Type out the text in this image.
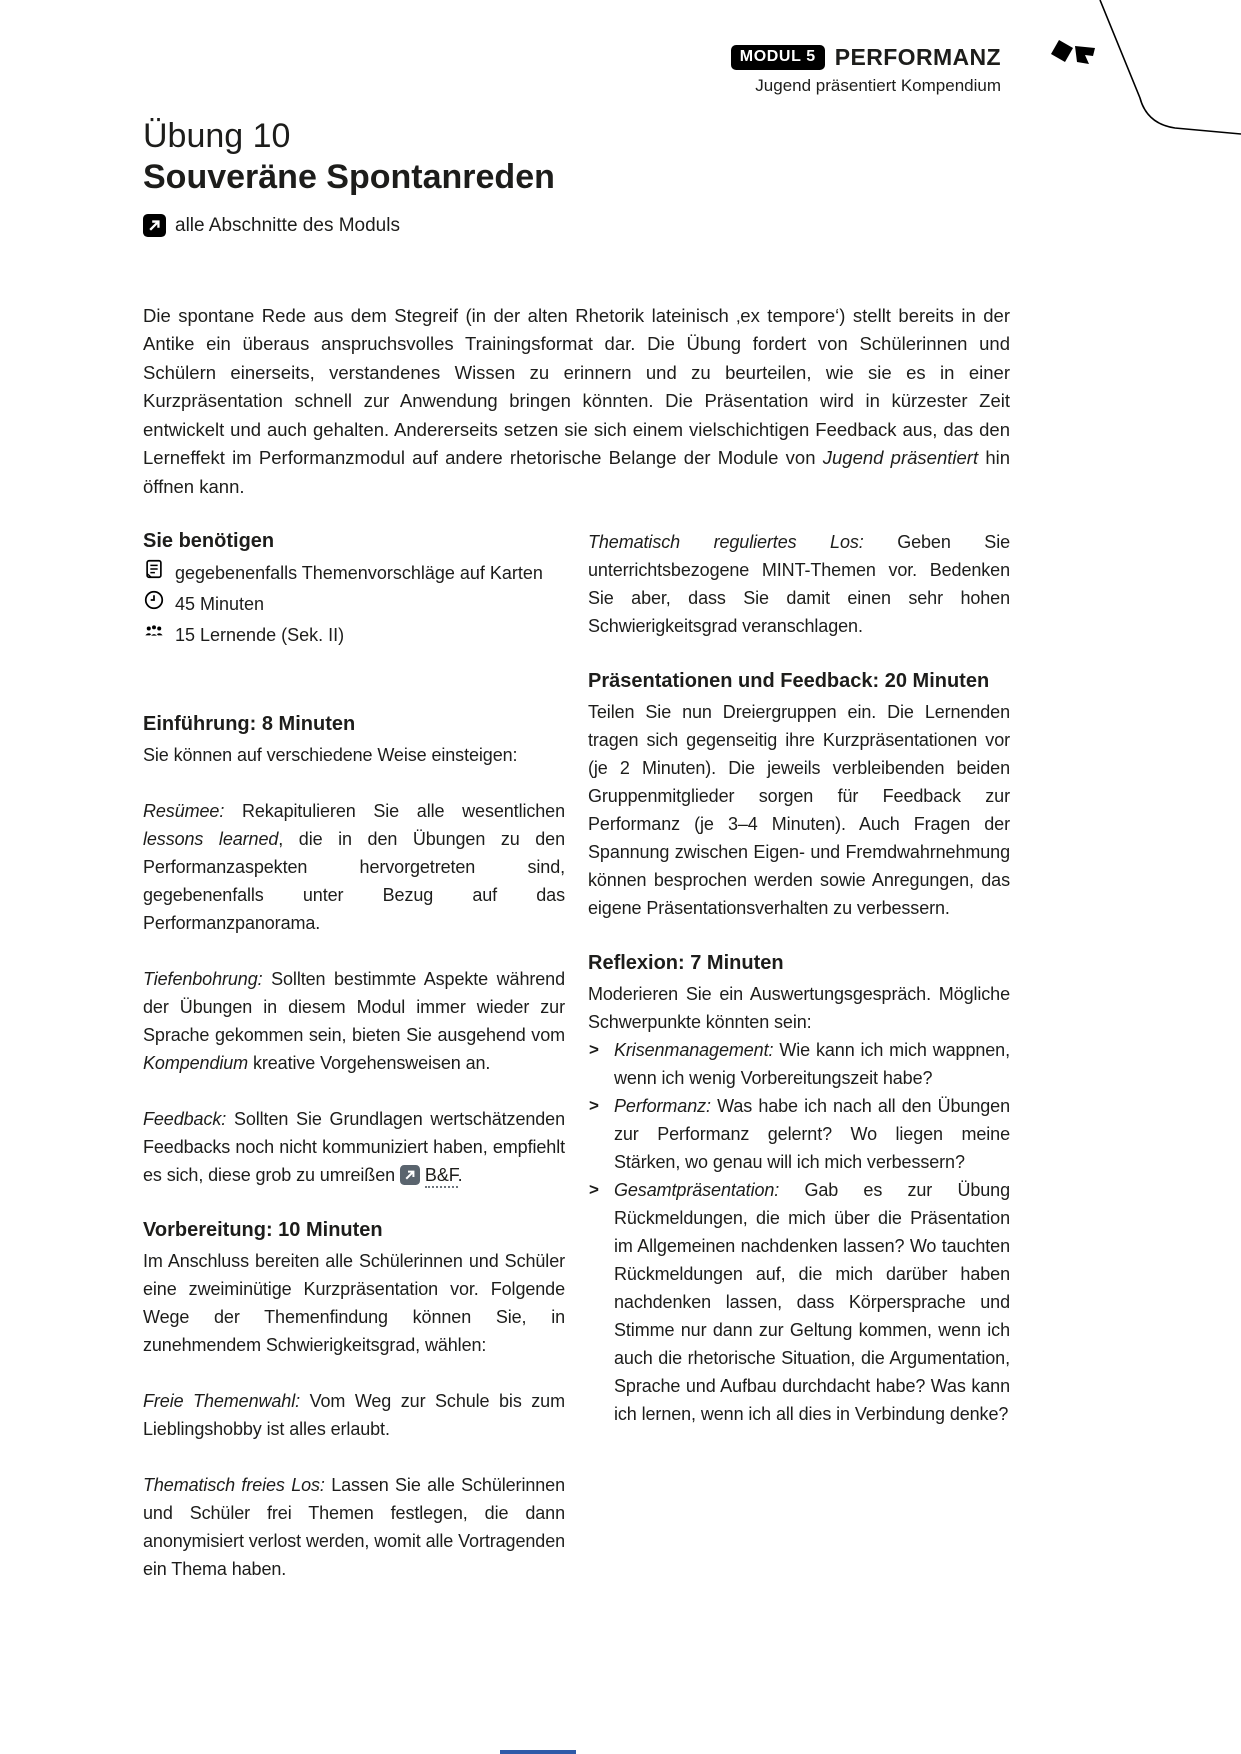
MODUL 5 PERFORMANZ
Jugend präsentiert Kompendium
Übung 10
Souveräne Spontanreden
alle Abschnitte des Moduls

Die spontane Rede aus dem Stegreif (in der alten Rhetorik lateinisch ‚ex tempore‘) stellt bereits in der Antike ein überaus anspruchsvolles Trainingsformat dar. Die Übung fordert von Schülerinnen und Schülern einerseits, verstandenes Wissen zu erinnern und zu beurteilen, wie sie es in einer Kurzpräsentation schnell zur Anwendung bringen könnten. Die Präsentation wird in kürzester Zeit entwickelt und auch gehalten. Andererseits setzen sie sich einem vielschichtigen Feedback aus, das den Lerneffekt im Performanzmodul auf andere rhetorische Belange der Module von Jugend präsentiert hin öffnen kann.

Sie benötigen
gegebenenfalls Themenvorschläge auf Karten
45 Minuten
15 Lernende (Sek. II)
Einführung: 8 Minuten

Sie können auf verschiedene Weise einsteigen:

Resümee: Rekapitulieren Sie alle wesentlichen lessons learned, die in den Übungen zu den Performanzaspekten hervorgetreten sind, gegebenenfalls unter Bezug auf das Performanzpanorama.

Tiefenbohrung: Sollten bestimmte Aspekte während der Übungen in diesem Modul immer wieder zur Sprache gekommen sein, bieten Sie ausgehend vom Kompendium kreative Vorgehensweisen an.

Feedback: Sollten Sie Grundlagen wertschätzenden Feedbacks noch nicht kommuniziert haben, empfiehlt es sich, diese grob zu umreißen
B&F.

Vorbereitung: 10 Minuten

Im Anschluss bereiten alle Schülerinnen und Schüler eine zweiminütige Kurzpräsentation vor. Folgende Wege der Themenfindung können Sie, in zunehmendem Schwierigkeitsgrad, wählen:

Freie Themenwahl: Vom Weg zur Schule bis zum Lieblingshobby ist alles erlaubt.

Thematisch freies Los: Lassen Sie alle Schülerinnen und Schüler frei Themen festlegen, die dann anonymisiert verlost werden, womit alle Vortragenden ein Thema haben.

Thematisch reguliertes Los: Geben Sie unterrichtsbezogene MINT-Themen vor. Bedenken Sie aber, dass Sie damit einen sehr hohen Schwierigkeitsgrad veranschlagen.

Präsentationen und Feedback: 20 Minuten

Teilen Sie nun Dreiergruppen ein. Die Lernenden tragen sich gegenseitig ihre Kurzpräsentationen vor (je 2 Minuten). Die jeweils verbleibenden beiden Gruppenmitglieder sorgen für Feedback zur Performanz (je 3–4 Minuten). Auch Fragen der Spannung zwischen Eigen- und Fremdwahrnehmung können besprochen werden sowie Anregungen, das eigene Präsentationsverhalten zu verbessern.

Reflexion: 7 Minuten

Moderieren Sie ein Auswertungsgespräch. Mögliche Schwerpunkte könnten sein:

> Krisenmanagement: Wie kann ich mich wappnen, wenn ich wenig Vorbereitungszeit habe?
> Performanz: Was habe ich nach all den Übungen zur Performanz gelernt? Wo liegen meine Stärken, wo genau will ich mich verbessern?
> Gesamtpräsentation: Gab es zur Übung Rückmeldungen, die mich über die Präsentation im Allgemeinen nachdenken lassen? Wo tauchten Rückmeldungen auf, die mich darüber haben nachdenken lassen, dass Körpersprache und Stimme nur dann zur Geltung kommen, wenn ich auch die rhetorische Situation, die Argumentation, Sprache und Aufbau durchdacht habe? Was kann ich lernen, wenn ich all dies in Verbindung denke?
